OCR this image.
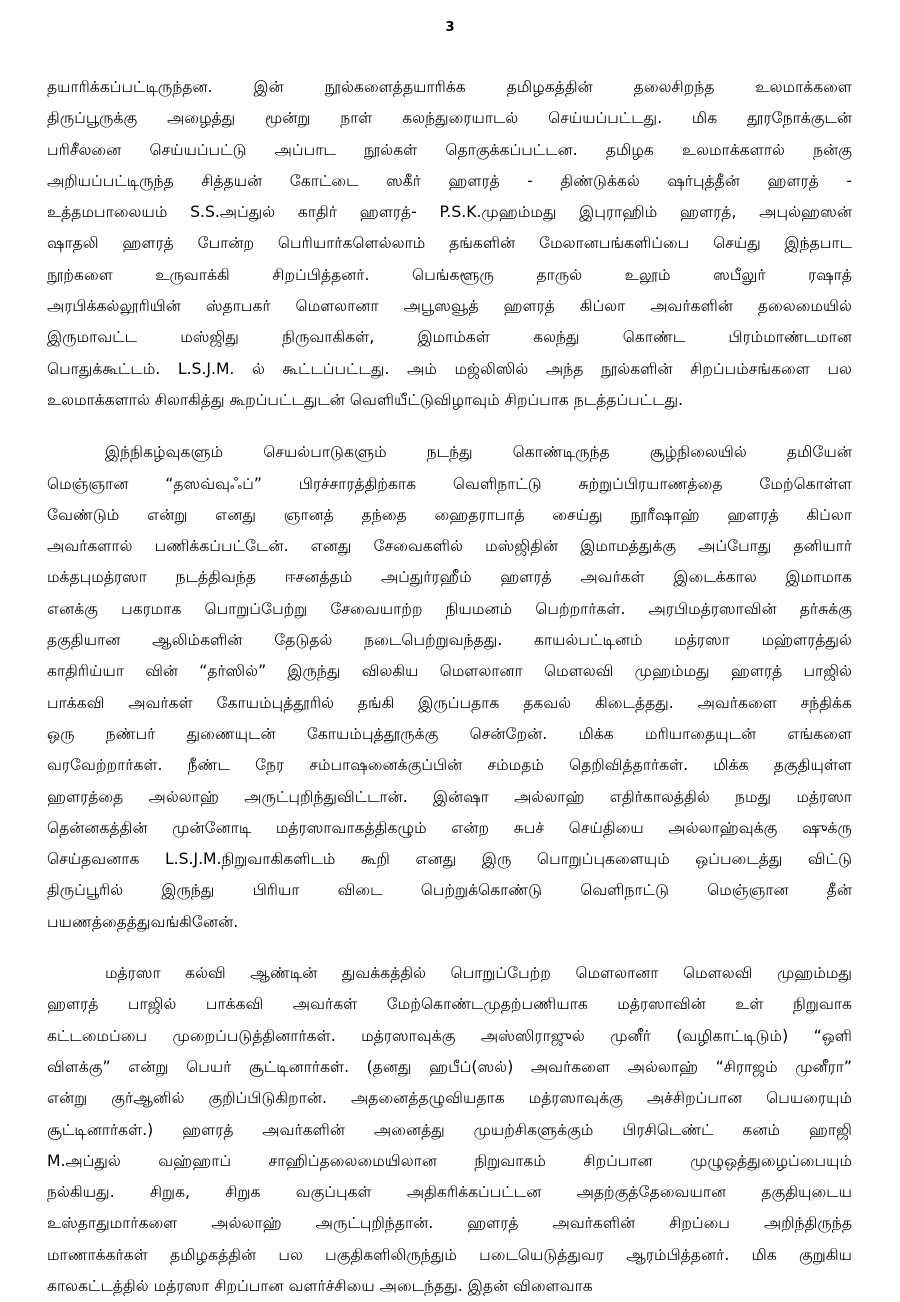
3
தயாரிக்கப்பட்டிருந்தன. இன் நூல்களைத்தயாரிக்க தமிழகத்தின் தலைசிறந்த உலமாக்களை
திருப்பூருக்கு அழைத்து மூன்று நாள் கலந்துரையாடல் செய்யப்பட்டது. மிக தூரநோக்குடன்
பரிசீலனை செய்யப்பட்டு அப்பாட நூல்கள் தொகுக்கப்பட்டன. தமிழக உலமாக்களால் நன்கு
அறியப்பட்டிருந்த சித்தயன் கோட்டை ஸகீர் ஹளரத் - திண்டுக்கல் ஷர்புத்தீன் ஹளரத் -
உத்தமபாலையம் S.S.அப்துல் காதிர் ஹளரத்- P.S.K.முஹம்மது இபுராஹிம் ஹளரத், அபுல்ஹஸன்
ஷாதலி ஹளரத் போன்ற பெரியார்களெல்லாம் தங்களின் மேலானபங்களிப்பை செய்து இந்தபாட
நூற்களை உருவாக்கி சிறப்பித்தனர். பெங்களூரு தாருல் உலூம் ஸபீலுர் ரஷாத்
அரபிக்கல்லூரியின் ஸ்தாபகர் மௌலானா அபூஸவூத் ஹளரத் கிப்லா அவர்களின் தலைமையில்
இருமாவட்ட மஸ்ஜிது நிருவாகிகள், இமாம்கள் கலந்து கொண்ட பிரம்மாண்டமான
பொதுக்கூட்டம். L.S.J.M. ல் கூட்டப்பட்டது. அம் மஜ்லிஸில் அந்த நூல்களின் சிறப்பம்சங்களை பல
உலமாக்களால் சிலாகித்து கூறப்பட்டதுடன் வெளியீட்டுவிழாவும் சிறப்பாக நடத்தப்பட்டது.
இந்நிகழ்வுகளும் செயல்பாடுகளும் நடந்து கொண்டிருந்த சூழ்நிலையில் தமியேன்
மெஞ்ஞான “தஸவ்வுஃப்” பிரச்சாரத்திற்காக வெளிநாட்டு சுற்றுப்பிரயாணத்தை மேற்கொள்ள
வேண்டும் என்று எனது ஞானத் தந்தை ஹைதராபாத் சைய்து நூரீஷாஹ் ஹளரத் கிப்லா
அவர்களால் பணிக்கப்பட்டேன். எனது சேவைகளில் மஸ்ஜிதின் இமாமத்துக்கு அப்போது தனியார்
மக்தபுமத்ரஸா நடத்திவந்த ஈசனத்தம் அப்துர்ரஹீம் ஹளரத் அவர்கள் இடைக்கால இமாமாக
எனக்கு பகரமாக பொறுப்பேற்று சேவையாற்ற நியமனம் பெற்றார்கள். அரபிமத்ரஸாவின் தர்சுக்கு
தகுதியான ஆலிம்களின் தேடுதல் நடைபெற்றுவந்தது. காயல்பட்டினம் மத்ரஸா மஹ்ளரத்துல்
காதிரிய்யா வின் “தர்ஸில்” இருந்து விலகிய மௌலானா மௌலவி முஹம்மது ஹளரத் பாஜில்
பாக்கவி அவர்கள் கோயம்புத்தூரில் தங்கி இருப்பதாக தகவல் கிடைத்தது. அவர்களை சந்திக்க
ஒரு நண்பர் துணையுடன் கோயம்புத்தூருக்கு சென்றேன். மிக்க மரியாதையுடன் எங்களை
வரவேற்றார்கள். நீண்ட நேர சம்பாஷனைக்குப்பின் சம்மதம் தெறிவித்தார்கள். மிக்க தகுதியுள்ள
ஹளரத்தை அல்லாஹ் அருட்புறிந்துவிட்டான். இன்ஷா அல்லாஹ் எதிர்காலத்தில் நமது மத்ரஸா
தென்னகத்தின் முன்னோடி மத்ரஸாவாகத்திகழும் என்ற சுபச் செய்தியை அல்லாஹ்வுக்கு ஷுக்ரு
செய்தவனாக L.S.J.M.நிறுவாகிகளிடம் கூறி எனது இரு பொறுப்புகளையும் ஒப்படைத்து விட்டு
திருப்பூரில் இருந்து பிரியா விடை பெற்றுக்கொண்டு வெளிநாட்டு மெஞ்ஞான தீன்
பயணத்தைத்துவங்கினேன்.
மத்ரஸா கல்வி ஆண்டின் துவக்கத்தில் பொறுப்பேற்ற மௌலானா மௌலவி முஹம்மது
ஹளரத் பாஜில் பாக்கவி அவர்கள் மேற்கொண்டமுதற்பணியாக மத்ரஸாவின் உள் நிறுவாக
கட்டமைப்பை முறைப்படுத்தினார்கள். மத்ரஸாவுக்கு அஸ்ஸிராஜுல் முனீர் (வழிகாட்டிடும்) “ஒளி
விளக்கு” என்று பெயர் சூட்டினார்கள். (தனது ஹபீப்(ஸல்) அவர்களை அல்லாஹ் “சிராஜம் முனீரா”
என்று குர்ஆனில் குறிப்பிடுகிறான். அதனைத்தழுவியதாக மத்ரஸாவுக்கு அச்சிறப்பான பெயரையும்
சூட்டினார்கள்.) ஹளரத் அவர்களின் அனைத்து முயற்சிகளுக்கும் பிரசிடெண்ட் கனம் ஹாஜி
M.அப்துல் வஹ்ஹாப் சாஹிப்தலைமையிலான நிறுவாகம் சிறப்பான முழுஒத்துழைப்பையும்
நல்கியது. சிறுக, சிறுக வகுப்புகள் அதிகரிக்கப்பட்டன அதற்குத்தேவையான தகுதியுடைய
உஸ்தாதுமார்களை அல்லாஹ் அருட்புறிந்தான். ஹளரத் அவர்களின் சிறப்பை அறிந்திருந்த
மாணாக்கர்கள் தமிழகத்தின் பல பகுதிகளிலிருந்தும் படையெடுத்துவர ஆரம்பித்தனர். மிக குறுகிய
காலகட்டத்தில் மத்ரஸா சிறப்பான வளர்ச்சியை அடைந்தது. இதன் விளைவாக
